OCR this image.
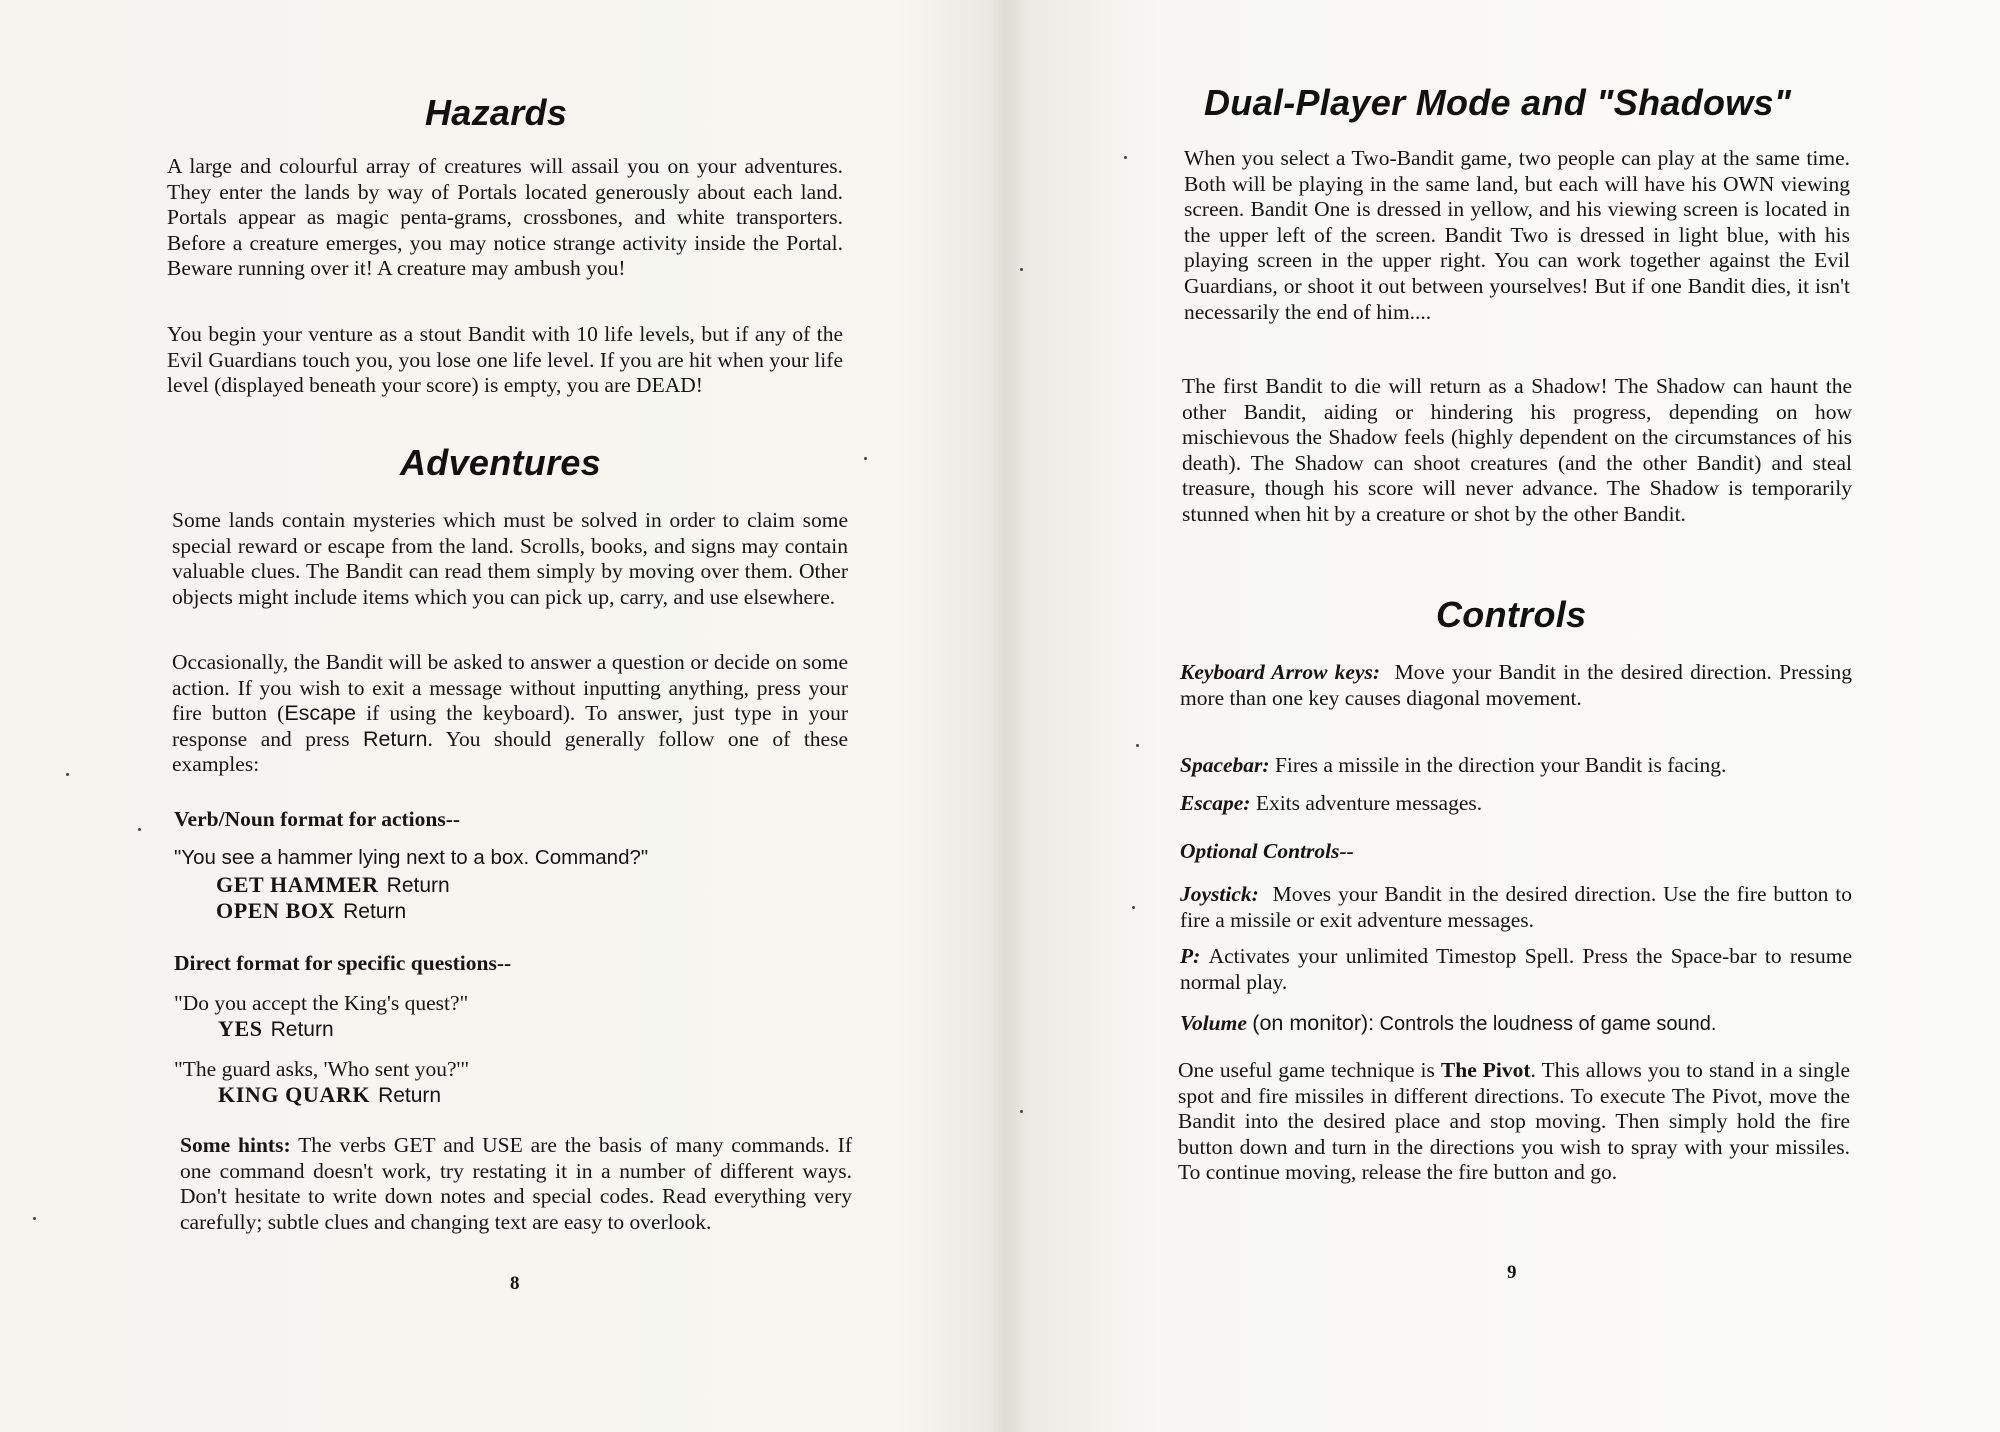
Hazards

A large and colourful array of creatures will assail you on your adventures. They enter the lands by way of Portals located generously about each land. Portals appear as magic penta-grams, crossbones, and white transporters. Before a creature emerges, you may notice strange activity inside the Portal. Beware running over it! A creature may ambush you!

You begin your venture as a stout Bandit with 10 life levels, but if any of the Evil Guardians touch you, you lose one life level. If you are hit when your life level (displayed beneath your score) is empty, you are DEAD!

Adventures

Some lands contain mysteries which must be solved in order to claim some special reward or escape from the land. Scrolls, books, and signs may contain valuable clues. The Bandit can read them simply by moving over them. Other objects might include items which you can pick up, carry, and use elsewhere.

Occasionally, the Bandit will be asked to answer a question or decide on some action. If you wish to exit a message without inputting anything, press your fire button (Escape if using the keyboard). To answer, just type in your response and press Return. You should generally follow one of these examples:

Verb/Noun format for actions--

"You see a hammer lying next to a box. Command?"

GET HAMMER Return

OPEN BOX Return

Direct format for specific questions--

"Do you accept the King's quest?"

YES Return

"The guard asks, 'Who sent you?'"

KING QUARK Return

Some hints: The verbs GET and USE are the basis of many commands. If one command doesn't work, try restating it in a number of different ways. Don't hesitate to write down notes and special codes. Read everything very carefully; subtle clues and changing text are easy to overlook.

8
Dual-Player Mode and "Shadows"

When you select a Two-Bandit game, two people can play at the same time. Both will be playing in the same land, but each will have his OWN viewing screen. Bandit One is dressed in yellow, and his viewing screen is located in the upper left of the screen. Bandit Two is dressed in light blue, with his playing screen in the upper right. You can work together against the Evil Guardians, or shoot it out between yourselves! But if one Bandit dies, it isn't necessarily the end of him....

The first Bandit to die will return as a Shadow! The Shadow can haunt the other Bandit, aiding or hindering his progress, depending on how mischievous the Shadow feels (highly dependent on the circumstances of his death). The Shadow can shoot creatures (and the other Bandit) and steal treasure, though his score will never advance. The Shadow is temporarily stunned when hit by a creature or shot by the other Bandit.

Controls

Keyboard Arrow keys: Move your Bandit in the desired direction. Pressing more than one key causes diagonal movement.

Spacebar: Fires a missile in the direction your Bandit is facing.

Escape: Exits adventure messages.

Optional Controls--

Joystick: Moves your Bandit in the desired direction. Use the fire button to fire a missile or exit adventure messages.

P: Activates your unlimited Timestop Spell. Press the Space-bar to resume normal play.

Volume (on monitor): Controls the loudness of game sound.

One useful game technique is The Pivot. This allows you to stand in a single spot and fire missiles in different directions. To execute The Pivot, move the Bandit into the desired place and stop moving. Then simply hold the fire button down and turn in the directions you wish to spray with your missiles. To continue moving, release the fire button and go.

9
